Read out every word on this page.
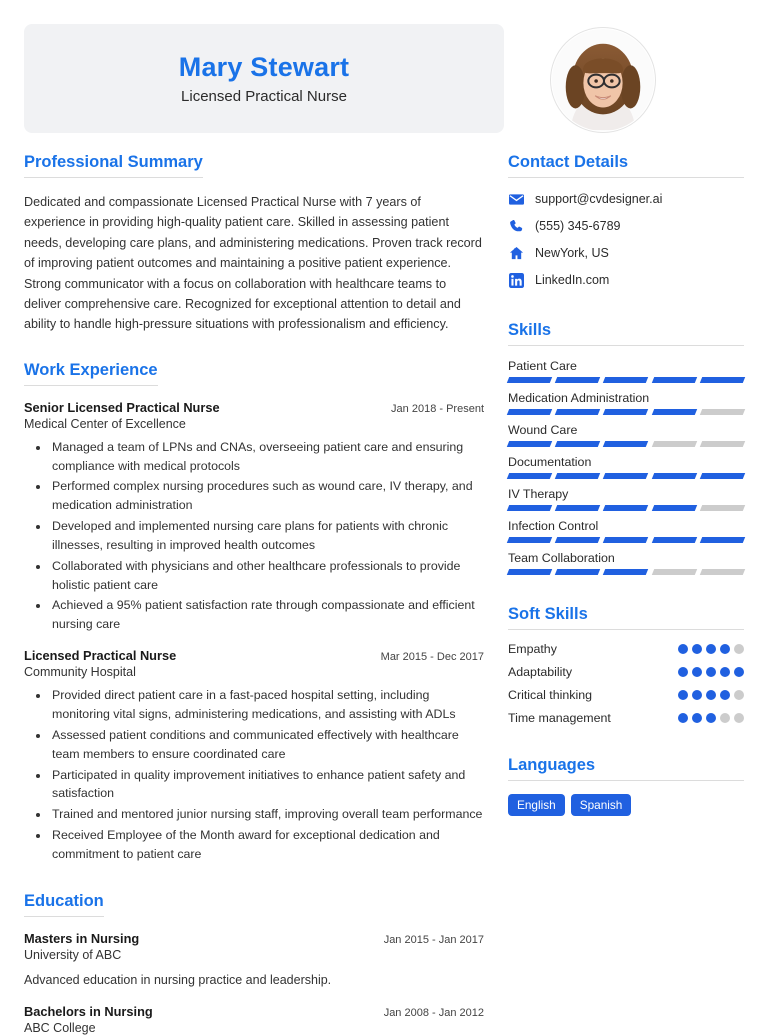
Mary Stewart
Licensed Practical Nurse
Professional Summary
Dedicated and compassionate Licensed Practical Nurse with 7 years of experience in providing high-quality patient care. Skilled in assessing patient needs, developing care plans, and administering medications. Proven track record of improving patient outcomes and maintaining a positive patient experience. Strong communicator with a focus on collaboration with healthcare teams to deliver comprehensive care. Recognized for exceptional attention to detail and ability to handle high-pressure situations with professionalism and efficiency.
Work Experience
Senior Licensed Practical Nurse	Jan 2018 - Present
Medical Center of Excellence
• Managed a team of LPNs and CNAs, overseeing patient care and ensuring compliance with medical protocols
• Performed complex nursing procedures such as wound care, IV therapy, and medication administration
• Developed and implemented nursing care plans for patients with chronic illnesses, resulting in improved health outcomes
• Collaborated with physicians and other healthcare professionals to provide holistic patient care
• Achieved a 95% patient satisfaction rate through compassionate and efficient nursing care
Licensed Practical Nurse	Mar 2015 - Dec 2017
Community Hospital
• Provided direct patient care in a fast-paced hospital setting, including monitoring vital signs, administering medications, and assisting with ADLs
• Assessed patient conditions and communicated effectively with healthcare team members to ensure coordinated care
• Participated in quality improvement initiatives to enhance patient safety and satisfaction
• Trained and mentored junior nursing staff, improving overall team performance
• Received Employee of the Month award for exceptional dedication and commitment to patient care
Education
Masters in Nursing	Jan 2015 - Jan 2017
University of ABC
Advanced education in nursing practice and leadership.
Bachelors in Nursing	Jan 2008 - Jan 2012
ABC College
Contact Details
support@cvdesigner.ai
(555) 345-6789
NewYork, US
LinkedIn.com
Skills
Patient Care
Medication Administration
Wound Care
Documentation
IV Therapy
Infection Control
Team Collaboration
Soft Skills
Empathy
Adaptability
Critical thinking
Time management
Languages
English	Spanish
